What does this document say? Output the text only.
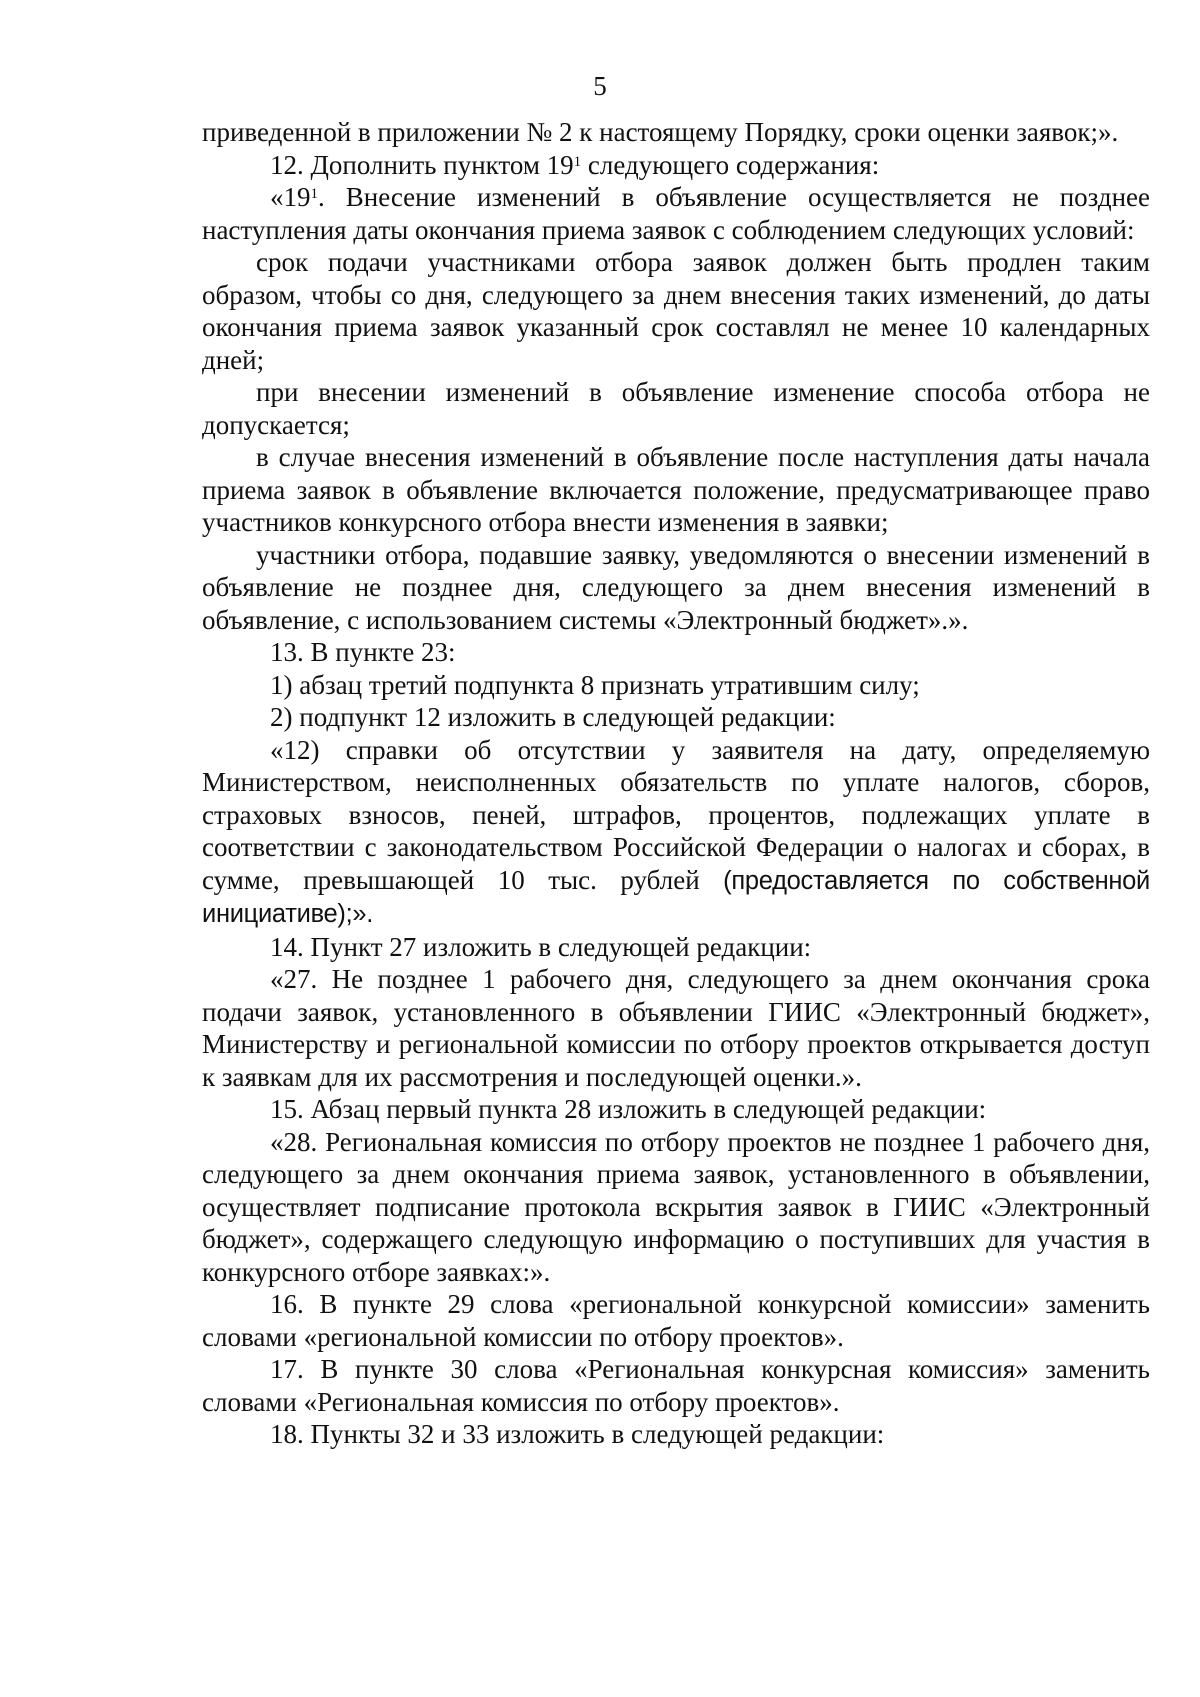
5

приведенной в приложении № 2 к настоящему Порядку, сроки оценки заявок;».

12. Дополнить пунктом $19^1$ следующего содержания:

«$19^1$. Внесение изменений в объявление осуществляется не позднее наступления даты окончания приема заявок с соблюдением следующих условий:

срок подачи участниками отбора заявок должен быть продлен таким образом, чтобы со дня, следующего за днем внесения таких изменений, до даты окончания приема заявок указанный срок составлял не менее 10 календарных дней;

при внесении изменений в объявление изменение способа отбора не допускается;

в случае внесения изменений в объявление после наступления даты начала приема заявок в объявление включается положение, предусматривающее право участников конкурсного отбора внести изменения в заявки;

участники отбора, подавшие заявку, уведомляются о внесении изменений в объявление не позднее дня, следующего за днем внесения изменений в объявление, с использованием системы «Электронный бюджет».».

13. В пункте 23:

1) абзац третий подпункта 8 признать утратившим силу;

2) подпункт 12 изложить в следующей редакции:

«12) справки об отсутствии у заявителя на дату, определяемую Министерством, неисполненных обязательств по уплате налогов, сборов, страховых взносов, пеней, штрафов, процентов, подлежащих уплате в соответствии с законодательством Российской Федерации о налогах и сборах, в сумме, превышающей 10 тыс. рублей (предоставляется по собственной инициативе);».

14. Пункт 27 изложить в следующей редакции:

«27. Не позднее 1 рабочего дня, следующего за днем окончания срока подачи заявок, установленного в объявлении ГИИС «Электронный бюджет», Министерству и региональной комиссии по отбору проектов открывается доступ к заявкам для их рассмотрения и последующей оценки.».

15. Абзац первый пункта 28 изложить в следующей редакции:

«28. Региональная комиссия по отбору проектов не позднее 1 рабочего дня, следующего за днем окончания приема заявок, установленного в объявлении, осуществляет подписание протокола вскрытия заявок в ГИИС «Электронный бюджет», содержащего следующую информацию о поступивших для участия в конкурсного отборе заявках:».

16. В пункте 29 слова «региональной конкурсной комиссии» заменить словами «региональной комиссии по отбору проектов».

17. В пункте 30 слова «Региональная конкурсная комиссия» заменить словами «Региональная комиссия по отбору проектов».

18. Пункты 32 и 33 изложить в следующей редакции:
